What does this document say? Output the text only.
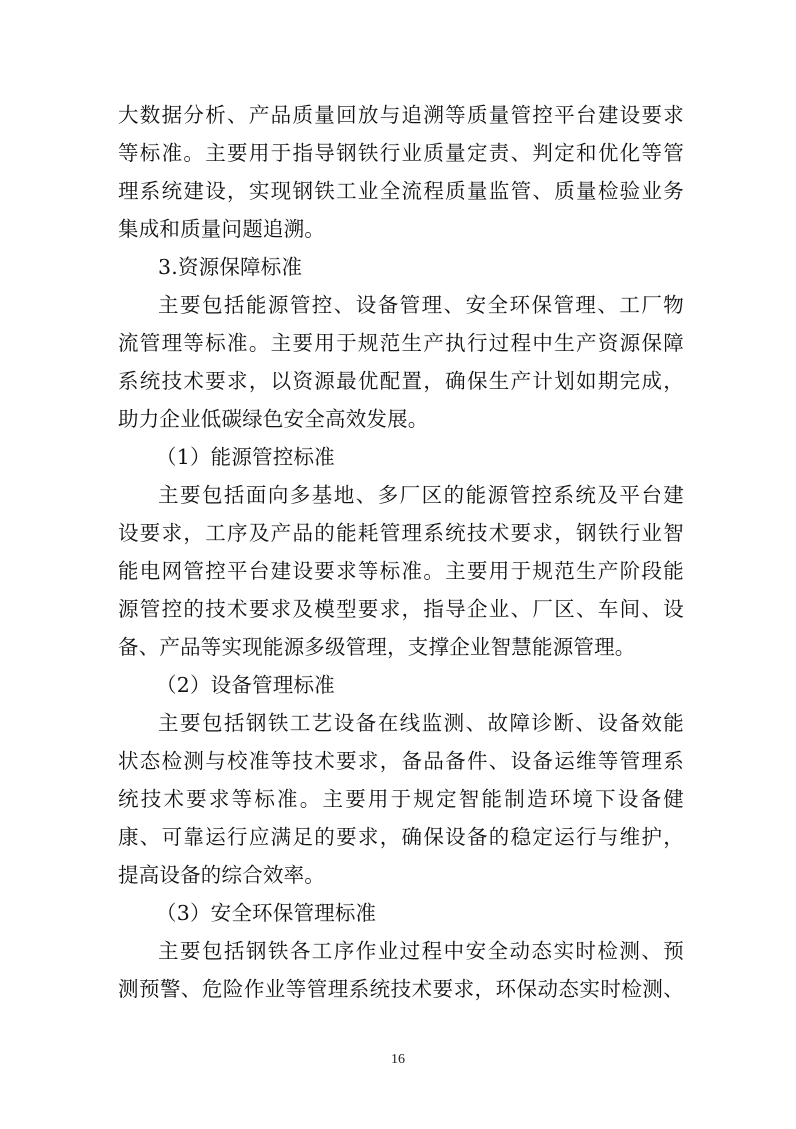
大数据分析、产品质量回放与追溯等质量管控平台建设要求
等标准。主要用于指导钢铁行业质量定责、判定和优化等管
理系统建设，实现钢铁工业全流程质量监管、质量检验业务
集成和质量问题追溯。
3.资源保障标准
主要包括能源管控、设备管理、安全环保管理、工厂物
流管理等标准。主要用于规范生产执行过程中生产资源保障
系统技术要求，以资源最优配置，确保生产计划如期完成，
助力企业低碳绿色安全高效发展。
（1）能源管控标准
主要包括面向多基地、多厂区的能源管控系统及平台建
设要求，工序及产品的能耗管理系统技术要求，钢铁行业智
能电网管控平台建设要求等标准。主要用于规范生产阶段能
源管控的技术要求及模型要求，指导企业、厂区、车间、设
备、产品等实现能源多级管理，支撑企业智慧能源管理。
（2）设备管理标准
主要包括钢铁工艺设备在线监测、故障诊断、设备效能
状态检测与校准等技术要求，备品备件、设备运维等管理系
统技术要求等标准。主要用于规定智能制造环境下设备健
康、可靠运行应满足的要求，确保设备的稳定运行与维护，
提高设备的综合效率。
（3）安全环保管理标准
主要包括钢铁各工序作业过程中安全动态实时检测、预
测预警、危险作业等管理系统技术要求，环保动态实时检测、
16
